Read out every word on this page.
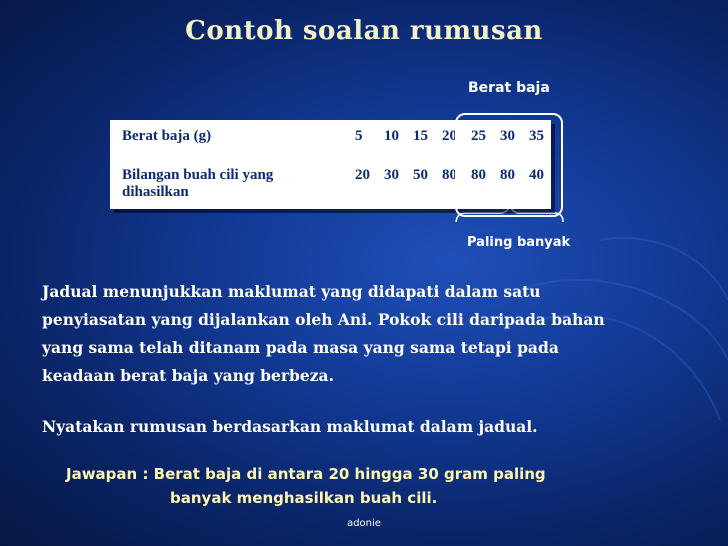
Contoh soalan rumusan
Berat baja
Berat baja (g)	5	10	15	20	25	30	35
Bilangan buah cili yang dihasilkan	20	30	50	80	80	80	40
Paling banyak

Jadual menunjukkan maklumat yang didapati dalam satu penyiasatan yang dijalankan oleh Ani. Pokok cili daripada bahan yang sama telah ditanam pada masa yang sama tetapi pada keadaan berat baja yang berbeza.

Nyatakan rumusan berdasarkan maklumat dalam jadual.
Jawapan : Berat baja di antara 20 hingga 30 gram paling
banyak menghasilkan buah cili.
adonie
